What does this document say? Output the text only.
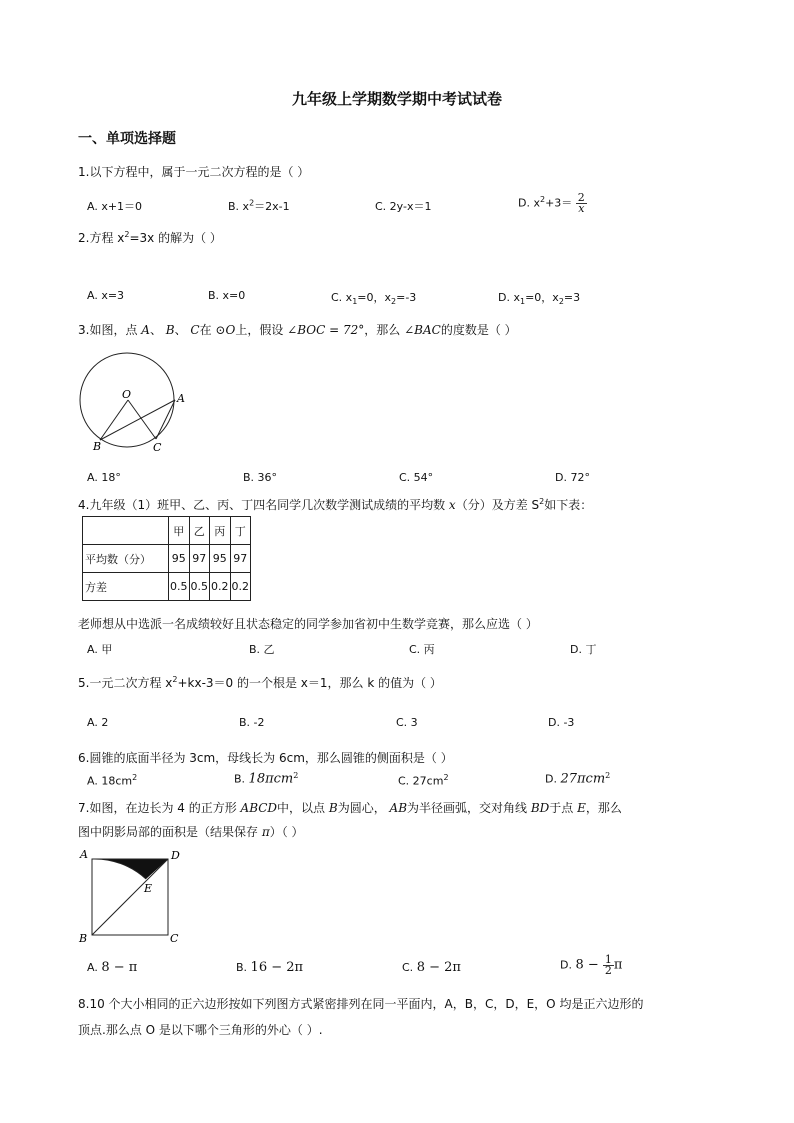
九年级上学期数学期中考试试卷
一、单项选择题
1.以下方程中，属于一元二次方程的是（ ）
A. x+1＝0	B. $x^2=2x-1$	C. 2y-x＝1	D. $x^2+3= \frac{2}{x}$
2.方程 $x^2=3x$ 的解为（ ）
A. x=3	B. x=0	C. $x_1=0$，$x_2=-3$	D. $x_1=0$，$x_2=3$
3.如图，点 A、 B、 C在 ⊙O上，假设 ∠BOC = 72°，那么 ∠BAC的度数是（ ）
O	A
B	C
A. 18°	B. 36°	C. 54°	D. 72°
4.九年级（1）班甲、乙、丙、丁四名同学几次数学测试成绩的平均数 x（分）及方差 $S^2$如下表：
	甲	乙	丙	丁
平均数（分）	95	97	95	97
方差	0.5	0.5	0.2	0.2
老师想从中选派一名成绩较好且状态稳定的同学参加省初中生数学竞赛，那么应选（ ）
A. 甲	B. 乙	C. 丙	D. 丁
5.一元二次方程 $x^2+kx-3=0$ 的一个根是 x＝1，那么 k 的值为（ ）
A. 2	B. -2	C. 3	D. -3
6.圆锥的底面半径为 3cm，母线长为 6cm，那么圆锥的侧面积是（ ）
A. $18cm^2$	B. 18πcm$^2$	C. $27cm^2$	D. 27πcm$^2$
7.如图，在边长为 4 的正方形 ABCD中，以点 B为圆心， AB为半径画弧，交对角线 BD于点 E，那么
图中阴影局部的面积是（结果保存 π）（ ）
A	D
E
B	C
A. 8 − π	B. 16 − 2π	C. 8 − 2π	D. $8 - \frac{1}{2}$ π
8.10 个大小相同的正六边形按如下列图方式紧密排列在同一平面内，A，B，C，D，E，O 均是正六边形的
顶点.那么点 O 是以下哪个三角形的外心（ ）.
